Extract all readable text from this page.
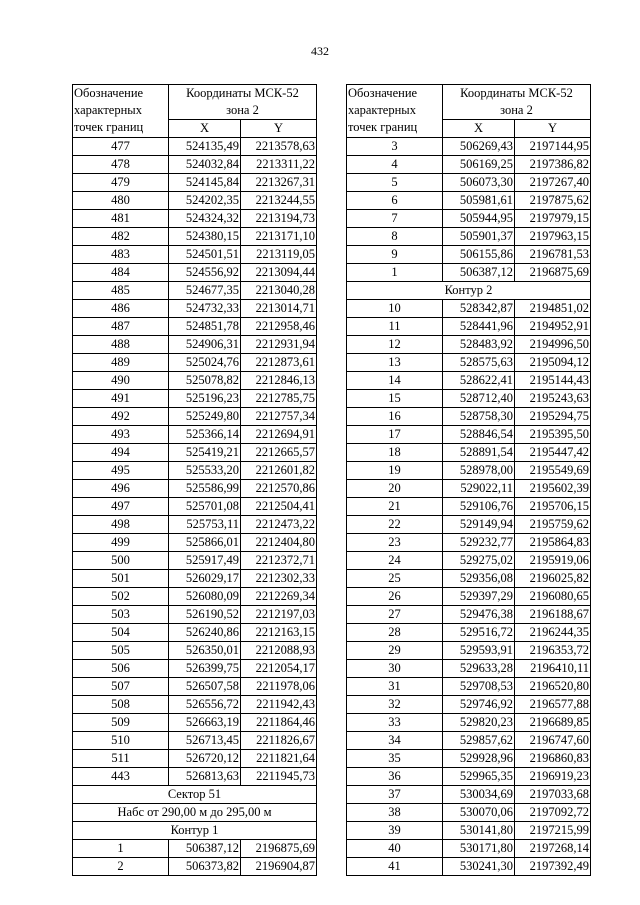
432
Обозначение
характерных
точек границ	Координаты МСК-52
зона 2	

	X	Y
477	524135,49	2213578,63
478	524032,84	2213311,22
479	524145,84	2213267,31
480	524202,35	2213244,55
481	524324,32	2213194,73
482	524380,15	2213171,10
483	524501,51	2213119,05
484	524556,92	2213094,44
485	524677,35	2213040,28
486	524732,33	2213014,71
487	524851,78	2212958,46
488	524906,31	2212931,94
489	525024,76	2212873,61
490	525078,82	2212846,13
491	525196,23	2212785,75
492	525249,80	2212757,34
493	525366,14	2212694,91
494	525419,21	2212665,57
495	525533,20	2212601,82
496	525586,99	2212570,86
497	525701,08	2212504,41
498	525753,11	2212473,22
499	525866,01	2212404,80
500	525917,49	2212372,71
501	526029,17	2212302,33
502	526080,09	2212269,34
503	526190,52	2212197,03
504	526240,86	2212163,15
505	526350,01	2212088,93
506	526399,75	2212054,17
507	526507,58	2211978,06
508	526556,72	2211942,43
509	526663,19	2211864,46
510	526713,45	2211826,67
511	526720,12	2211821,64
443	526813,63	2211945,73
Сектор 51		
Набс от 290,00 м до 295,00 м		
Контур 1		
1	506387,12	2196875,69
2	506373,82	2196904,87
Обозначение
характерных
точек границ	Координаты МСК-52
зона 2	

	X	Y
3	506269,43	2197144,95
4	506169,25	2197386,82
5	506073,30	2197267,40
6	505981,61	2197875,62
7	505944,95	2197979,15
8	505901,37	2197963,15
9	506155,86	2196781,53
1	506387,12	2196875,69
Контур 2		
10	528342,87	2194851,02
11	528441,96	2194952,91
12	528483,92	2194996,50
13	528575,63	2195094,12
14	528622,41	2195144,43
15	528712,40	2195243,63
16	528758,30	2195294,75
17	528846,54	2195395,50
18	528891,54	2195447,42
19	528978,00	2195549,69
20	529022,11	2195602,39
21	529106,76	2195706,15
22	529149,94	2195759,62
23	529232,77	2195864,83
24	529275,02	2195919,06
25	529356,08	2196025,82
26	529397,29	2196080,65
27	529476,38	2196188,67
28	529516,72	2196244,35
29	529593,91	2196353,72
30	529633,28	2196410,11
31	529708,53	2196520,80
32	529746,92	2196577,88
33	529820,23	2196689,85
34	529857,62	2196747,60
35	529928,96	2196860,83
36	529965,35	2196919,23
37	530034,69	2197033,68
38	530070,06	2197092,72
39	530141,80	2197215,99
40	530171,80	2197268,14
41	530241,30	2197392,49
